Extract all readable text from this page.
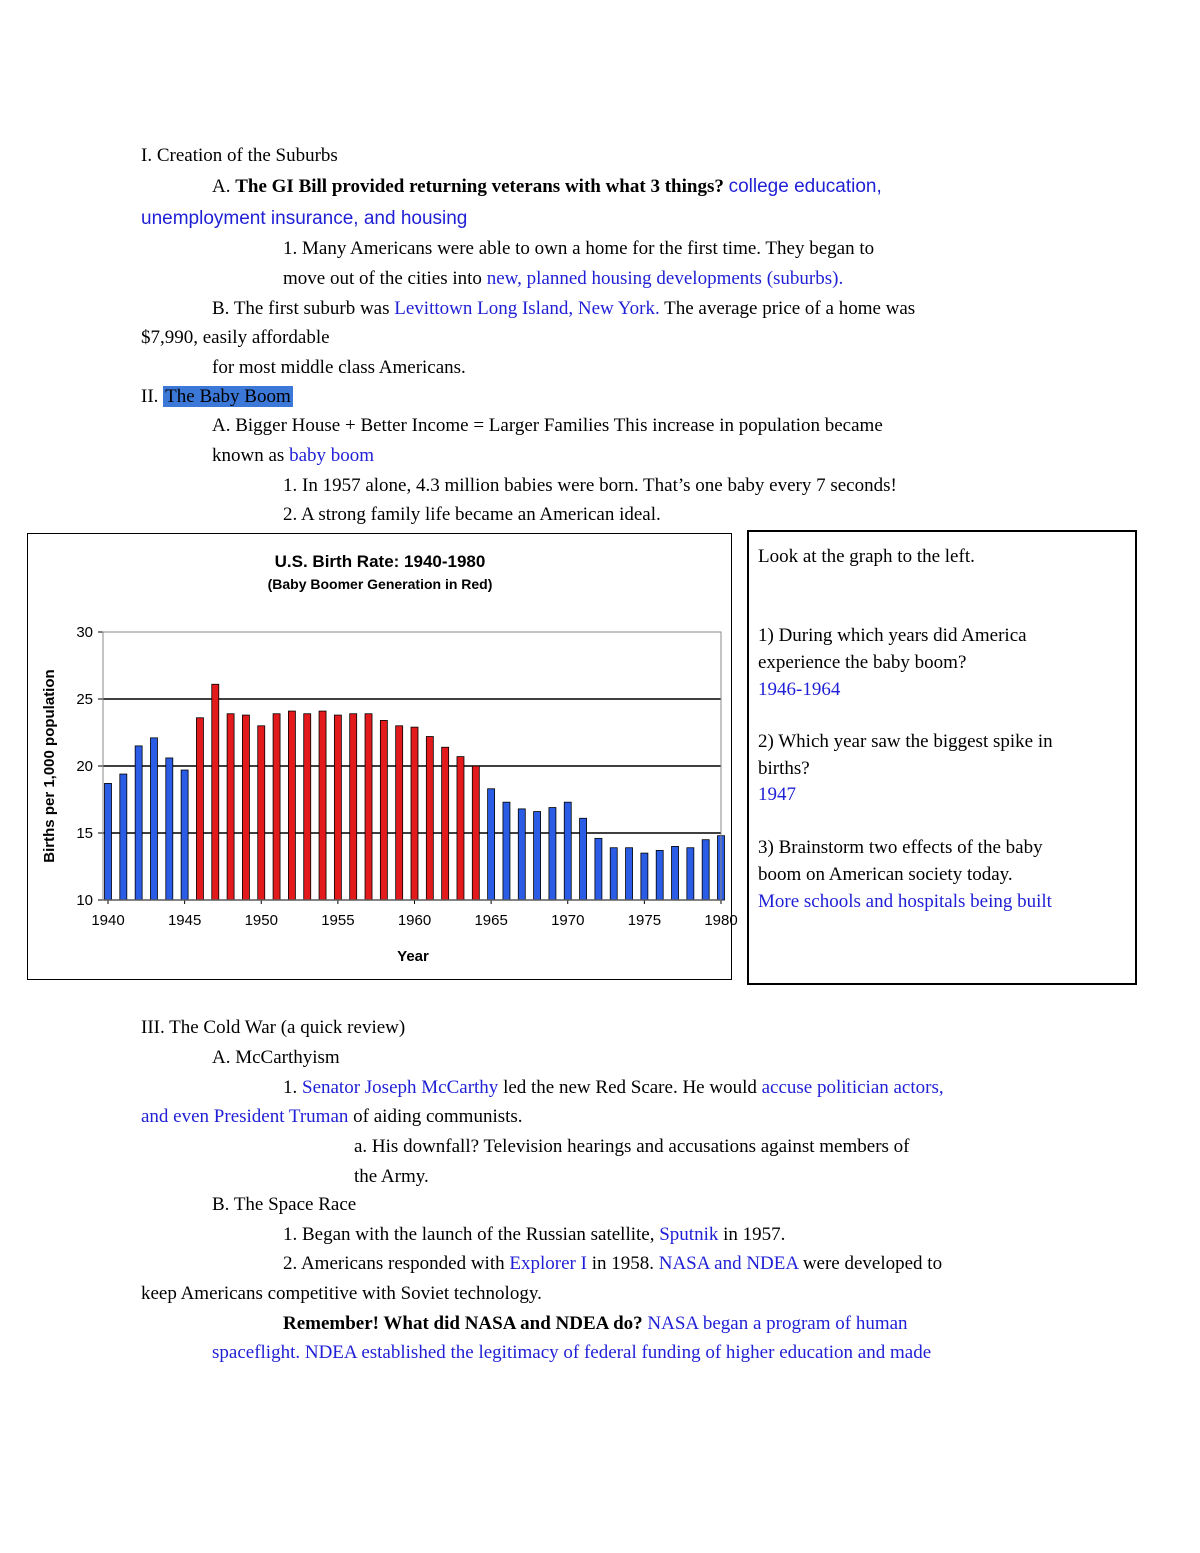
I. Creation of the Suburbs
A. The GI Bill provided returning veterans with what 3 things? college education,
unemployment insurance, and housing
1. Many Americans were able to own a home for the first time. They began to
move out of the cities into new, planned housing developments (suburbs).
B. The first suburb was Levittown Long Island, New York. The average price of a home was
$7,990, easily affordable
for most middle class Americans.
II. The Baby Boom
A. Bigger House + Better Income = Larger Families This increase in population became
known as baby boom
1. In 1957 alone, 4.3 million babies were born. That’s one baby every 7 seconds!
2. A strong family life became an American ideal.
U.S. Birth Rate: 1940-1980
(Baby Boomer Generation in Red)
Births per 1,000 population
Year
10
15
20
25
30
1940	1945	1950	1955	1960	1965	1970	1975	1980
Look at the graph to the left.
1) During which years did America
experience the baby boom?
1946-1964
2) Which year saw the biggest spike in
births?
1947
3) Brainstorm two effects of the baby
boom on American society today.
More schools and hospitals being built
III. The Cold War (a quick review)
A. McCarthyism
1. Senator Joseph McCarthy led the new Red Scare. He would accuse politician actors,
and even President Truman of aiding communists.
a. His downfall? Television hearings and accusations against members of
the Army.
B. The Space Race
1. Began with the launch of the Russian satellite, Sputnik in 1957.
2. Americans responded with Explorer I in 1958. NASA and NDEA were developed to
keep Americans competitive with Soviet technology.
Remember! What did NASA and NDEA do? NASA began a program of human
spaceflight. NDEA established the legitimacy of federal funding of higher education and made
